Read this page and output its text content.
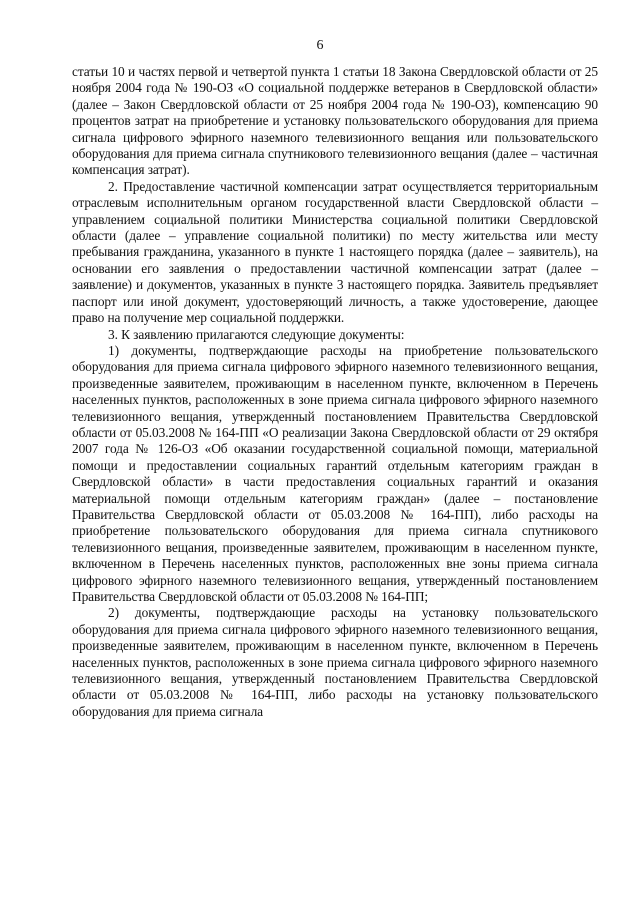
6

статьи 10 и частях первой и четвертой пункта 1 статьи 18 Закона Свердловской области от 25 ноября 2004 года № 190-ОЗ «О социальной поддержке ветеранов в Свердловской области» (далее – Закон Свердловской области от 25 ноября 2004 года № 190-ОЗ), компенсацию 90 процентов затрат на приобретение и установку пользовательского оборудования для приема сигнала цифрового эфирного наземного телевизионного вещания или пользовательского оборудования для приема сигнала спутникового телевизионного вещания (далее – частичная компенсация затрат).

2. Предоставление частичной компенсации затрат осуществляется территориальным отраслевым исполнительным органом государственной власти Свердловской области – управлением социальной политики Министерства социальной политики Свердловской области (далее – управление социальной политики) по месту жительства или месту пребывания гражданина, указанного в пункте 1 настоящего порядка (далее – заявитель), на основании его заявления о предоставлении частичной компенсации затрат (далее – заявление) и документов, указанных в пункте 3 настоящего порядка. Заявитель предъявляет паспорт или иной документ, удостоверяющий личность, а также удостоверение, дающее право на получение мер социальной поддержки.

3. К заявлению прилагаются следующие документы:

1) документы, подтверждающие расходы на приобретение пользовательского оборудования для приема сигнала цифрового эфирного наземного телевизионного вещания, произведенные заявителем, проживающим в населенном пункте, включенном в Перечень населенных пунктов, расположенных в зоне приема сигнала цифрового эфирного наземного телевизионного вещания, утвержденный постановлением Правительства Свердловской области от 05.03.2008 № 164-ПП «О реализации Закона Свердловской области от 29 октября 2007 года № 126-ОЗ «Об оказании государственной социальной помощи, материальной помощи и предоставлении социальных гарантий отдельным категориям граждан в Свердловской области» в части предоставления социальных гарантий и оказания материальной помощи отдельным категориям граждан» (далее – постановление Правительства Свердловской области от 05.03.2008 № 164-ПП), либо расходы на приобретение пользовательского оборудования для приема сигнала спутникового телевизионного вещания, произведенные заявителем, проживающим в населенном пункте, включенном в Перечень населенных пунктов, расположенных вне зоны приема сигнала цифрового эфирного наземного телевизионного вещания, утвержденный постановлением Правительства Свердловской области от 05.03.2008 № 164-ПП;

2) документы, подтверждающие расходы на установку пользовательского оборудования для приема сигнала цифрового эфирного наземного телевизионного вещания, произведенные заявителем, проживающим в населенном пункте, включенном в Перечень населенных пунктов, расположенных в зоне приема сигнала цифрового эфирного наземного телевизионного вещания, утвержденный постановлением Правительства Свердловской области от 05.03.2008 № 164-ПП, либо расходы на установку пользовательского оборудования для приема сигнала
